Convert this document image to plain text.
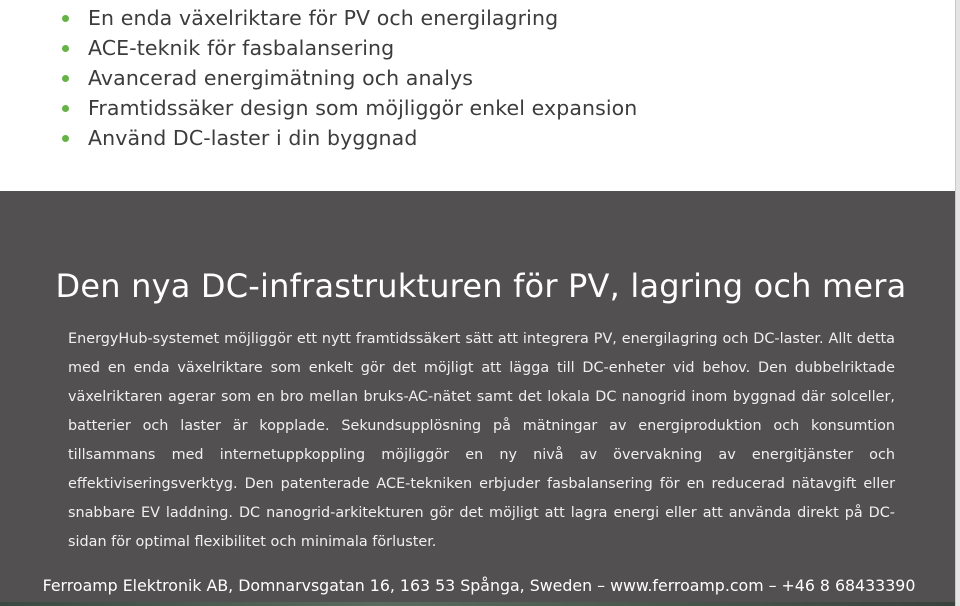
En enda växelriktare för PV och energilagring
ACE-teknik för fasbalansering
Avancerad energimätning och analys
Framtidssäker design som möjliggör enkel expansion
Använd DC-laster i din byggnad
Den nya DC-infrastrukturen för PV, lagring och mera

EnergyHub-systemet möjliggör ett nytt framtidssäkert sätt att integrera PV, energilagring och DC-laster. Allt detta med en enda växelriktare som enkelt gör det möjligt att lägga till DC-enheter vid behov. Den dubbelriktade växelriktaren agerar som en bro mellan bruks-AC-nätet samt det lokala DC nanogrid inom byggnad där solceller, batterier och laster är kopplade. Sekundsupplösning på mätningar av energiproduktion och konsumtion tillsammans med internetuppkoppling möjliggör en ny nivå av övervakning av energitjänster och effektiviseringsverktyg. Den patenterade ACE-tekniken erbjuder fasbalansering för en reducerad nätavgift eller snabbare EV laddning. DC nanogrid-arkitekturen gör det möjligt att lagra energi eller att använda direkt på DC-sidan för optimal flexibilitet och minimala förluster.

Ferroamp Elektronik AB, Domnarvsgatan 16, 163 53 Spånga, Sweden – www.ferroamp.com – +46 8 68433390
